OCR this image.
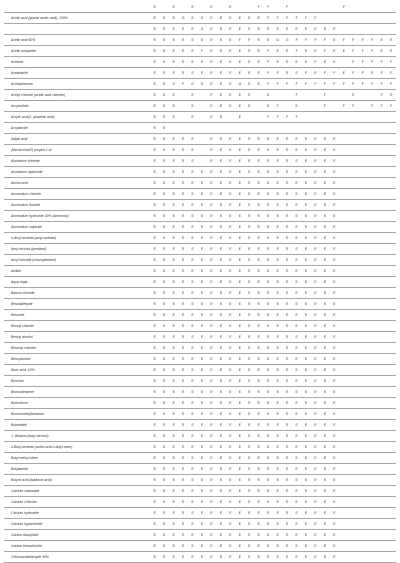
	E		E		E		E		E			F	F		F						F					
Acetic acid (glacial acetic acid), 100%	E	E	E	G	E	G	E	E	E	E	E	E	F	F	F	F	F	F								
	E	E	E	E	E	G	E	E	E	E	E	E	E	E	E	E	E	E	E	E						
Acetic acid 60%	E	E	E	E	E	E	E	E	E	F	F	E	E	G	G	F	F	F	F	E	F	F	F	F	E	E
Acetic anhydride	E	E	E	E	E	F	E	E	E	E	E	E	F	E	E	F	E	E	F	E	E	F	F	F	E	E
Acetone	E	E	E	E	E	E	E	E	E	E	E	E	F	E	E	E	E	F	E	E		F	F	F	F	F
Acetonitrile	E	E	E	E	E	E	E	E	E	E	E	E	F	F	E	E	F	E	F	F	E	F	F	E	F	F
Acetophenone	E	E	G	F	G	G	E	E	E	G	E	E	F	F	F	F	F	F	F	F	F	F	F	F	F	F
Acetyl chloride (acetic acid chloride)	E	E	E		E		F	E	E	E	E		E			F			F			E			F	E
Acrylonitrile	E	E	E		E		E	E	E	E	E		E	F		E			F		F	F		F	F	F
Acrylic acid(2- propenic acid)	E	E	E		E		E	E		E			F	F	F	F										
Acrylamide	E	E																								
Adipic acid	E	E	E	E	E		E	E	E	E	E	E	E	E	E	E	E	E	E	E						
(Mol alcohol/2) propen-1-ol	E	E	E	E	E		E	E	E	E	E	E	E	E	E	E	E	E	E	E						
Aluminium chloride	E	E	E	E	E		E	E	E	E	E	E	E	E	E	E	E	E	E	E						
Aluminium hydroxide	E	E	E	E	E	E	E	E	E	E	E	E	E	E	E	E	E	E	E	E						
Amino acid	E	E	E	E	E	E	E	E	E	E	E	E	E	E	E	E	E	E	E	E						
Ammonium chloride	E	E	E	E	E	E	E	E	E	E	E	E	E	E	E	E	E	E	E	E						
Ammonium fluoride	E	E	E	E	E	E	E	E	E	E	E	E	E	E	E	E	E	E	E	E						
Ammonium hydroxide 30% (ammonia)	E	E	E	E	E	E	E	E	E	E	E	E	E	E	E	E	E	E	E	E						
Ammonium sulphate	E	E	E	E	E	E	E	E	E	E	E	E	E	E	E	E	E	E	E	E						
n-Amyl acetate (amyl acetate)	E	E	E	E	E	E	E	E	E	E	E	E	E	E	E	E	E	E	E	E						
Amyl alcohol (pentanol)	E	E	E	E	E	E	E	E	E	E	E	E	E	E	E	E	E	E	E	E						
Amyl chloride (chloropentane)	E	E	E	E	E	E	E	E	E	E	E	E	E	E	E	E	E	E	E	E						
Aniline	E	E	E	E	E	E	E	E	E	E	E	E	E	E	E	E	E	E	E	E						
Aqua regia	E	E	E	E	E	E	E	E	E	E	E	E	E	E	E	E	E	E	E	E						
Barium chloride	E	E	E	E	E	E	E	E	E	E	E	E	E	E	E	E	E	E	E	E						
Benzaldehyde	E	E	E	E	E	E	E	E	E	E	E	E	E	E	E	E	E	E	E	E						
Benzene	E	E	E	E	E	E	E	E	E	E	E	E	E	E	E	E	E	E	E	E						
Benzyl chloride	E	E	E	E	E	E	E	E	E	E	E	E	E	E	E	E	E	E	E	E						
Benzyl alcohol	E	E	E	E	E	E	E	E	E	E	E	E	E	E	E	E	E	E	E	E						
Benzoyl chloride	E	E	E	E	E	E	E	E	E	E	E	E	E	E	E	E	E	E	E	E						
Benzylamine	E	E	E	E	E	E	E	E	E	E	E	E	E	E	E	E	E	E	E	E						
Boric acid, 10%	E	E	E	E	E	E	E	E	E	E	E	E	E	E	E	E	E	E	E	E						
Bromine	E	E	E	E	E	E	E	E	E	E	E	E	E	E	E	E	E	E	E	E						
Bromobenzene	E	E	E	E	E	E	E	E	E	E	E	E	E	E	E	E	E	E	E	E						
Bromoform	E	E	E	E	E	E	E	E	E	E	E	E	E	E	E	E	E	E	E	E						
Bromomethylbenzene	E	E	E	E	E	E	E	E	E	E	E	E	E	E	E	E	E	E	E	E						
Butanediol	E	E	E	E	E	E	E	E	E	E	E	E	E	E	E	E	E	E	E	E						
1- Butanol (butyl alcohol)	E	E	E	E	E	E	E	E	E	E	E	E	E	E	E	E	E	E	E	E						
n-Butyl acetate (acetic acid n-butyl ester)	E	E	E	E	E	E	E	E	E	E	E	E	E	E	E	E	E	E	E	E						
Butyl methyl ether	E	E	E	E	E	E	E	E	E	E	E	E	E	E	E	E	E	E	E	E						
Butylamine	E	E	E	E	E	E	E	E	E	E	E	E	E	E	E	E	E	E	E	E						
Butyric acid (butanoic acid)	E	E	E	E	E	E	E	E	E	E	E	E	E	E	E	E	E	E	E	E						
Calcium carbonate	E	E	E	E	E	E	E	E	E	E	E	E	E	E	E	E	E	E	E	E						
Calcium Chloride	E	E	E	E	E	E	E	E	E	E	E	E	E	E	E	E	E	E	E	E						
Calcium hydroxide	E	E	E	E	E	E	E	E	E	E	E	E	E	E	E	E	E	E	E	E						
Calcium hypochlorite	E	E	E	E	E	E	E	E	E	E	E	E	E	E	E	E	E	E	E	E						
Carbon disulphide	E	E	E	E	E	E	E	E	E	E	E	E	E	E	E	E	E	E	E	E						
Carbon tetrachloride	E	E	E	E	E	E	E	E	E	E	E	E	E	E	E	E	E	E	E	E						
Chloroacetaldehyde 45%	E	E	E	E	E	E	E	E	E	E	E	E	E	E	E	E	E	E	E	E						
